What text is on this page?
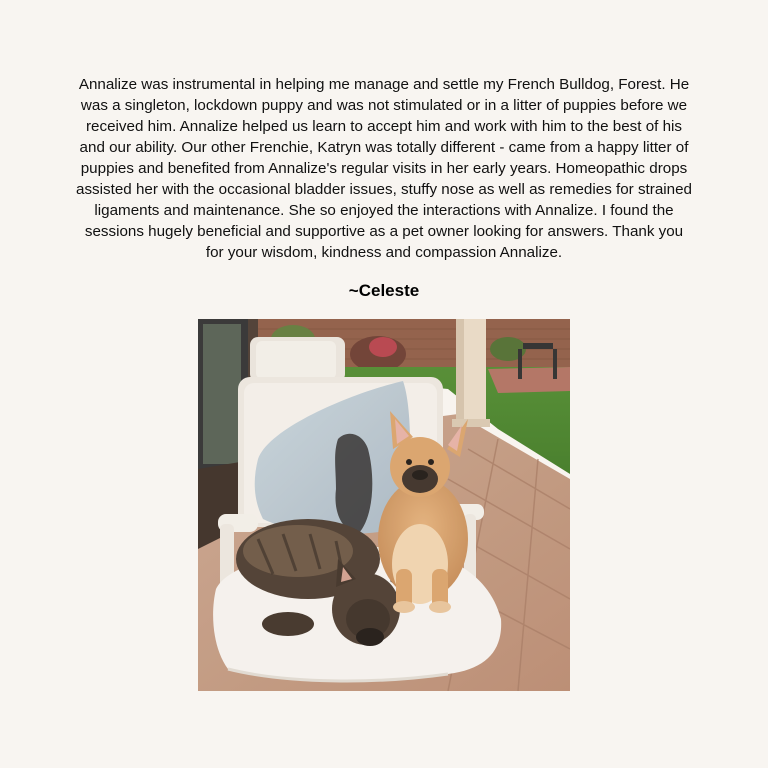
Annalize was instrumental in helping me manage and settle my French Bulldog, Forest. He was a singleton, lockdown puppy and was not stimulated or in a litter of puppies before we received him. Annalize helped us learn to accept him and work with him to the best of his and our ability. Our other Frenchie, Katryn was totally different - came from a happy litter of puppies and benefited from Annalize's regular visits in her early years. Homeopathic drops assisted her with the occasional bladder issues, stuffy nose as well as remedies for strained ligaments and maintenance. She so enjoyed the interactions with Annalize. I found the sessions hugely beneficial and supportive as a pet owner looking for answers. Thank you for your wisdom, kindness and compassion Annalize.

~Celeste
